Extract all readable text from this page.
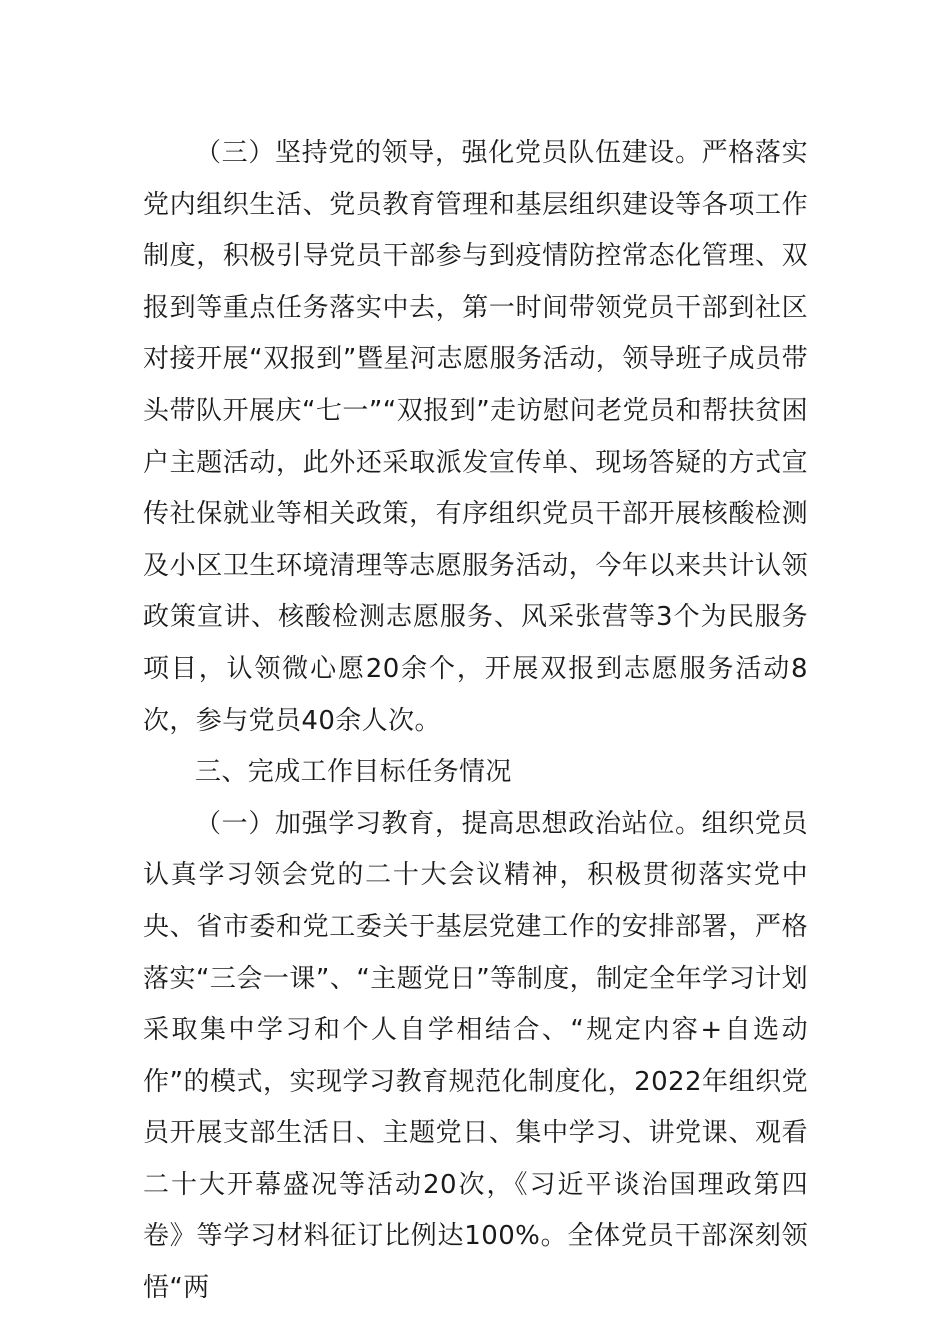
（三）坚持党的领导，强化党员队伍建设。严格落实党内组织生活、党员教育管理和基层组织建设等各项工作制度，积极引导党员干部参与到疫情防控常态化管理、双报到等重点任务落实中去，第一时间带领党员干部到社区对接开展“双报到”暨星河志愿服务活动，领导班子成员带头带队开展庆“七一”“双报到”走访慰问老党员和帮扶贫困户主题活动，此外还采取派发宣传单、现场答疑的方式宣传社保就业等相关政策，有序组织党员干部开展核酸检测及小区卫生环境清理等志愿服务活动，今年以来共计认领政策宣讲、核酸检测志愿服务、风采张营等3个为民服务项目，认领微心愿20余个，开展双报到志愿服务活动8次，参与党员40余人次。

三、完成工作目标任务情况

（一）加强学习教育，提高思想政治站位。组织党员认真学习领会党的二十大会议精神，积极贯彻落实党中央、省市委和党工委关于基层党建工作的安排部署，严格落实“三会一课”、“主题党日”等制度，制定全年学习计划采取集中学习和个人自学相结合、“规定内容+自选动作”的模式，实现学习教育规范化制度化，2022年组织党员开展支部生活日、主题党日、集中学习、讲党课、观看二十大开幕盛况等活动20次，《习近平谈治国理政第四卷》等学习材料征订比例达100%。全体党员干部深刻领悟“两
